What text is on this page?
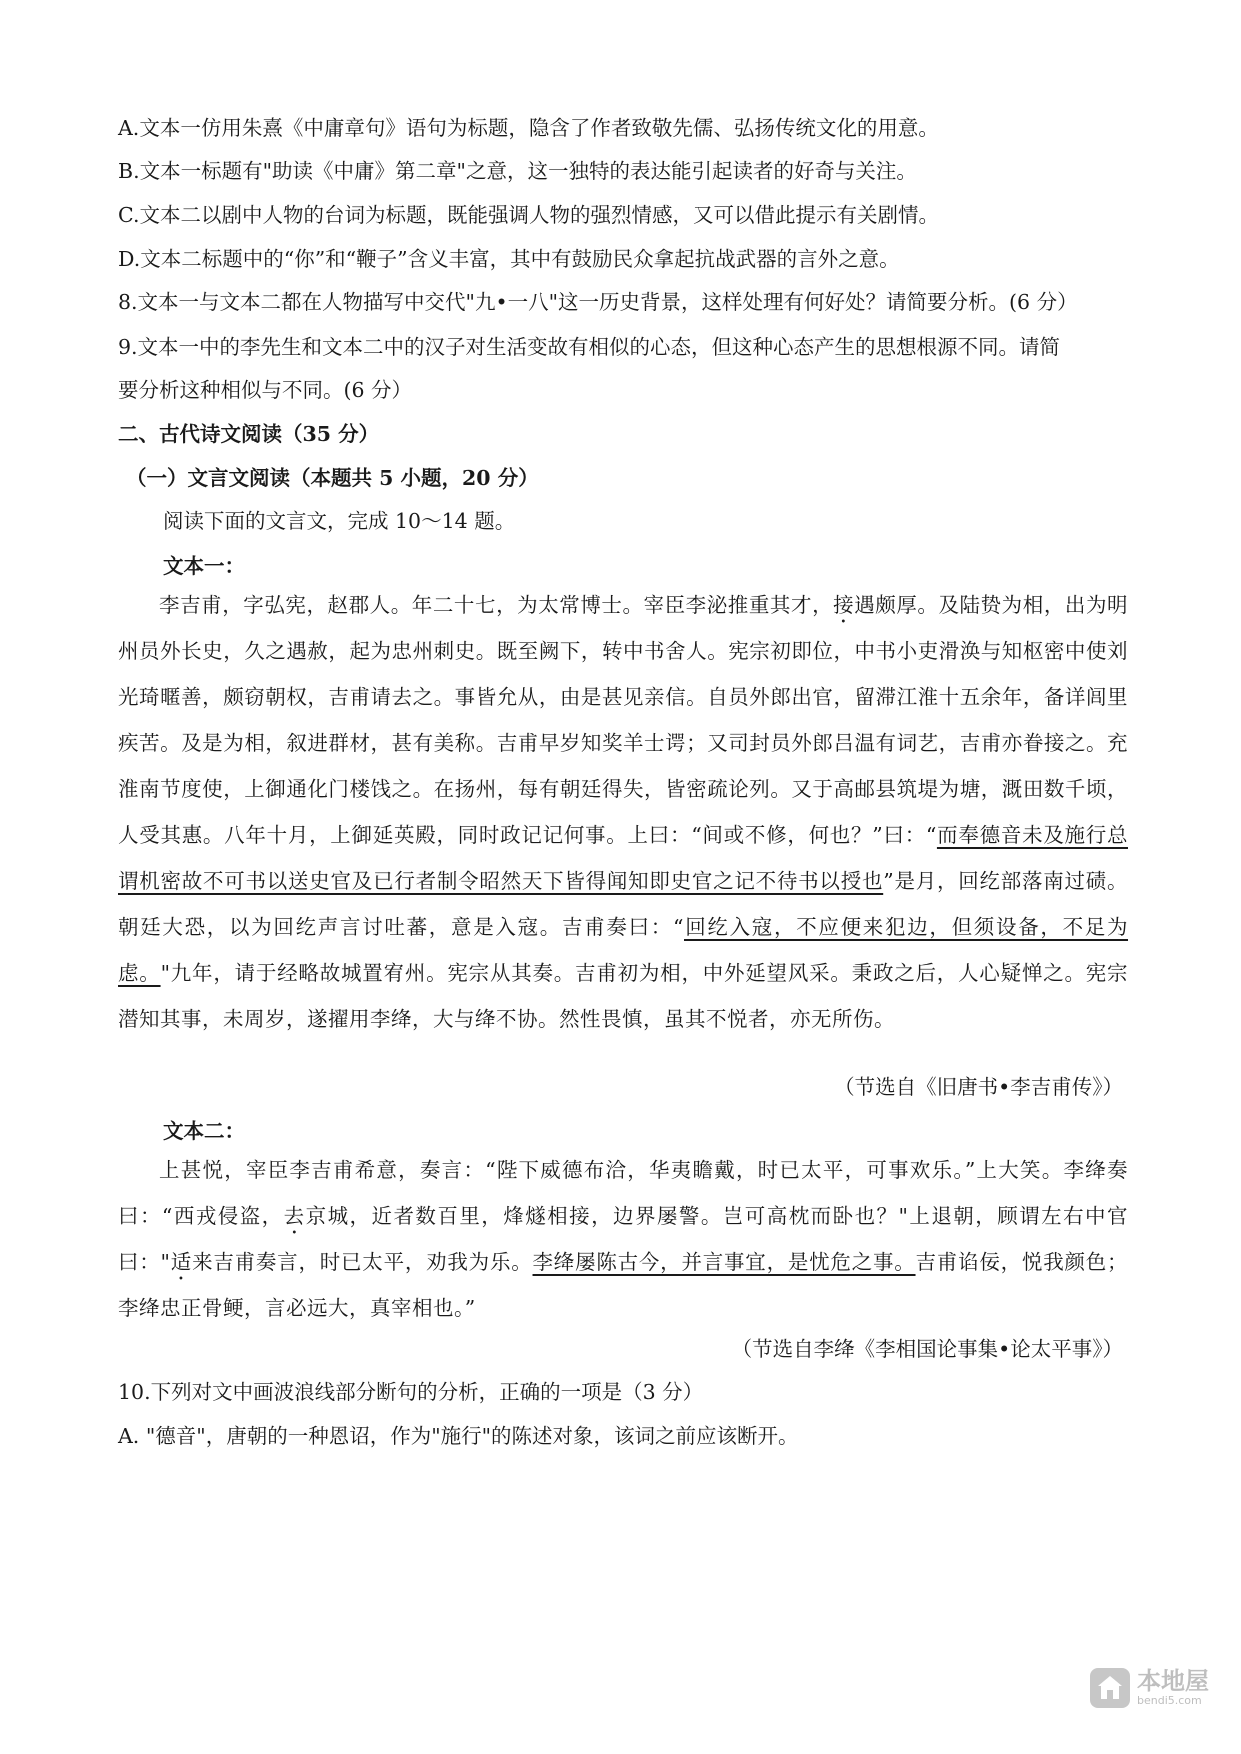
A.文本一仿用朱熹《中庸章句》语句为标题，隐含了作者致敬先儒、弘扬传统文化的用意。
B.文本一标题有"助读《中庸》第二章"之意，这一独特的表达能引起读者的好奇与关注。
C.文本二以剧中人物的台词为标题，既能强调人物的强烈情感，又可以借此提示有关剧情。
D.文本二标题中的“你”和“鞭子”含义丰富，其中有鼓励民众拿起抗战武器的言外之意。
8.文本一与文本二都在人物描写中交代"九•一八"这一历史背景，这样处理有何好处？请简要分析。(6 分）
9.文本一中的李先生和文本二中的汉子对生活变故有相似的心态，但这种心态产生的思想根源不同。请简
要分析这种相似与不同。(6 分）
二、古代诗文阅读（35 分）
（一）文言文阅读（本题共 5 小题，20 分）
阅读下面的文言文，完成 10～14 题。
文本一：

李吉甫，字弘宪，赵郡人。年二十七，为太常博士。宰臣李泌推重其才，接遇颇厚。及陆贽为相，出为明州员外长史，久之遇赦，起为忠州刺史。既至阙下，转中书舍人。宪宗初即位，中书小吏滑涣与知枢密中使刘光琦暱善，颇窃朝权，吉甫请去之。事皆允从，由是甚见亲信。自员外郎出官，留滞江淮十五余年，备详闾里疾苦。及是为相，叙进群材，甚有美称。吉甫早岁知奖羊士谔；又司封员外郎吕温有词艺，吉甫亦眷接之。充淮南节度使，上御通化门楼饯之。在扬州，每有朝廷得失，皆密疏论列。又于高邮县筑堤为塘，溉田数千顷，人受其惠。八年十月，上御延英殿，同时政记记何事。上曰：“间或不修，何也？”曰：“而奉德音未及施行总谓机密故不可书以送史官及已行者制令昭然天下皆得闻知即史官之记不待书以授也”是月，回纥部落南过碛。朝廷大恐，以为回纥声言讨吐蕃，意是入寇。吉甫奏曰：“回纥入寇，不应便来犯边，但须设备，不足为虑。"九年，请于经略故城置宥州。宪宗从其奏。吉甫初为相，中外延望风采。秉政之后，人心疑惮之。宪宗潜知其事，未周岁，遂擢用李绛，大与绛不协。然性畏慎，虽其不悦者，亦无所伤。

（节选自《旧唐书•李吉甫传》）
文本二：

上甚悦，宰臣李吉甫希意，奏言：“陛下威德布洽，华夷瞻戴，时已太平，可事欢乐。”上大笑。李绛奏曰：“西戎侵盗，去京城，近者数百里，烽燧相接，边界屡警。岂可高枕而卧也？"上退朝，顾谓左右中官曰："适来吉甫奏言，时已太平，劝我为乐。李绛屡陈古今，并言事宜，是忧危之事。吉甫谄佞，悦我颜色；李绛忠正骨鲠，言必远大，真宰相也。”

（节选自李绛《李相国论事集•论太平事》）
10.下列对文中画波浪线部分断句的分析，正确的一项是（3 分）
A. "德音"，唐朝的一种恩诏，作为"施行"的陈述对象，该词之前应该断开。
本地屋
bendi5.com
